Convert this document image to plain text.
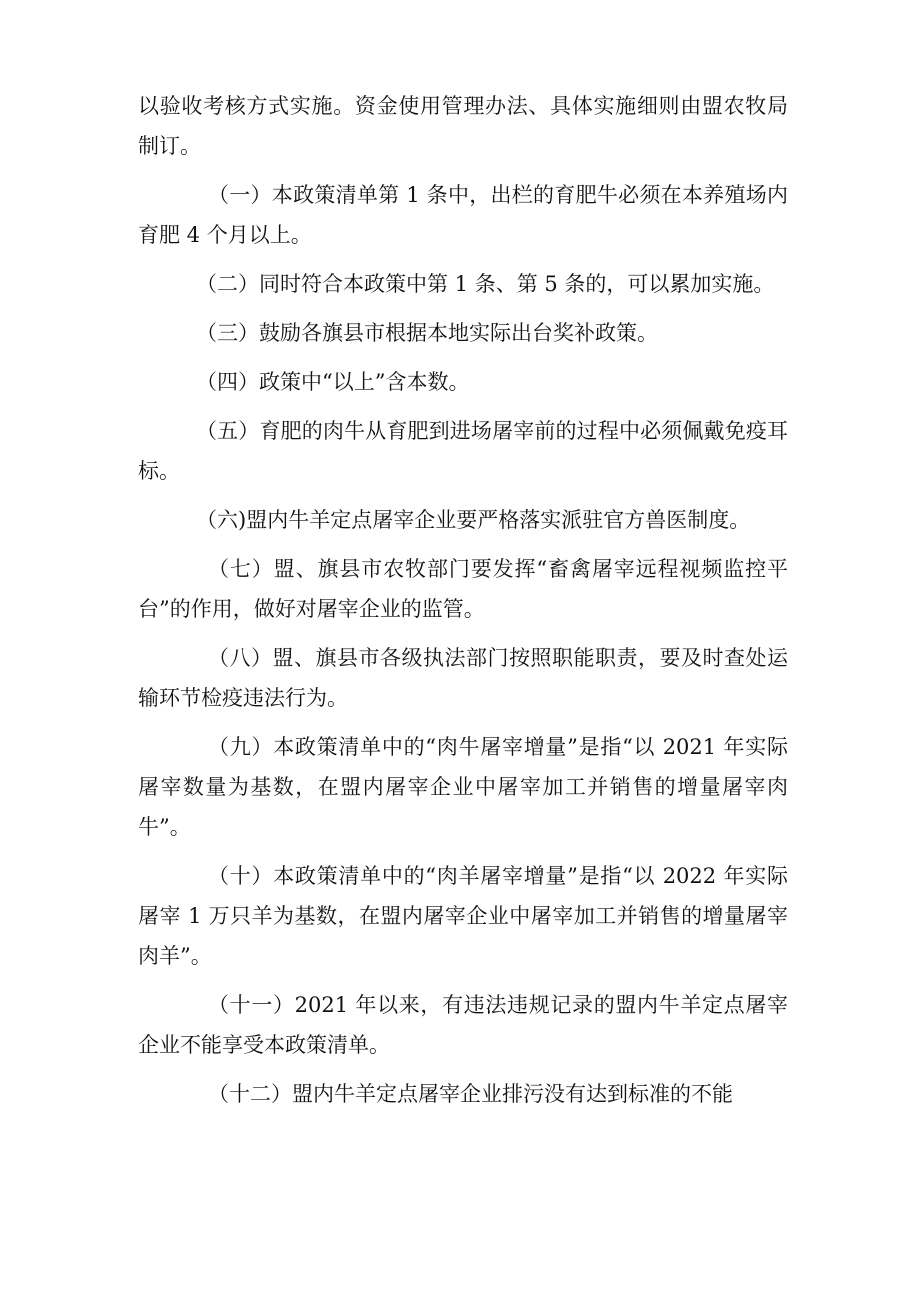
以验收考核方式实施。资金使用管理办法、具体实施细则由盟农牧局制订。

（一）本政策清单第 1 条中，出栏的育肥牛必须在本养殖场内育肥 4 个月以上。

（二）同时符合本政策中第 1 条、第 5 条的，可以累加实施。

（三）鼓励各旗县市根据本地实际出台奖补政策。

（四）政策中“以上”含本数。

（五）育肥的肉牛从育肥到进场屠宰前的过程中必须佩戴免疫耳标。

（六)盟内牛羊定点屠宰企业要严格落实派驻官方兽医制度。

（七）盟、旗县市农牧部门要发挥“畜禽屠宰远程视频监控平台”的作用，做好对屠宰企业的监管。

（八）盟、旗县市各级执法部门按照职能职责，要及时查处运输环节检疫违法行为。

（九）本政策清单中的“肉牛屠宰增量”是指“以 2021 年实际屠宰数量为基数，在盟内屠宰企业中屠宰加工并销售的增量屠宰肉牛”。

（十）本政策清单中的“肉羊屠宰增量”是指“以 2022 年实际屠宰 1 万只羊为基数，在盟内屠宰企业中屠宰加工并销售的增量屠宰肉羊”。

（十一）2021 年以来，有违法违规记录的盟内牛羊定点屠宰企业不能享受本政策清单。

（十二）盟内牛羊定点屠宰企业排污没有达到标准的不能
